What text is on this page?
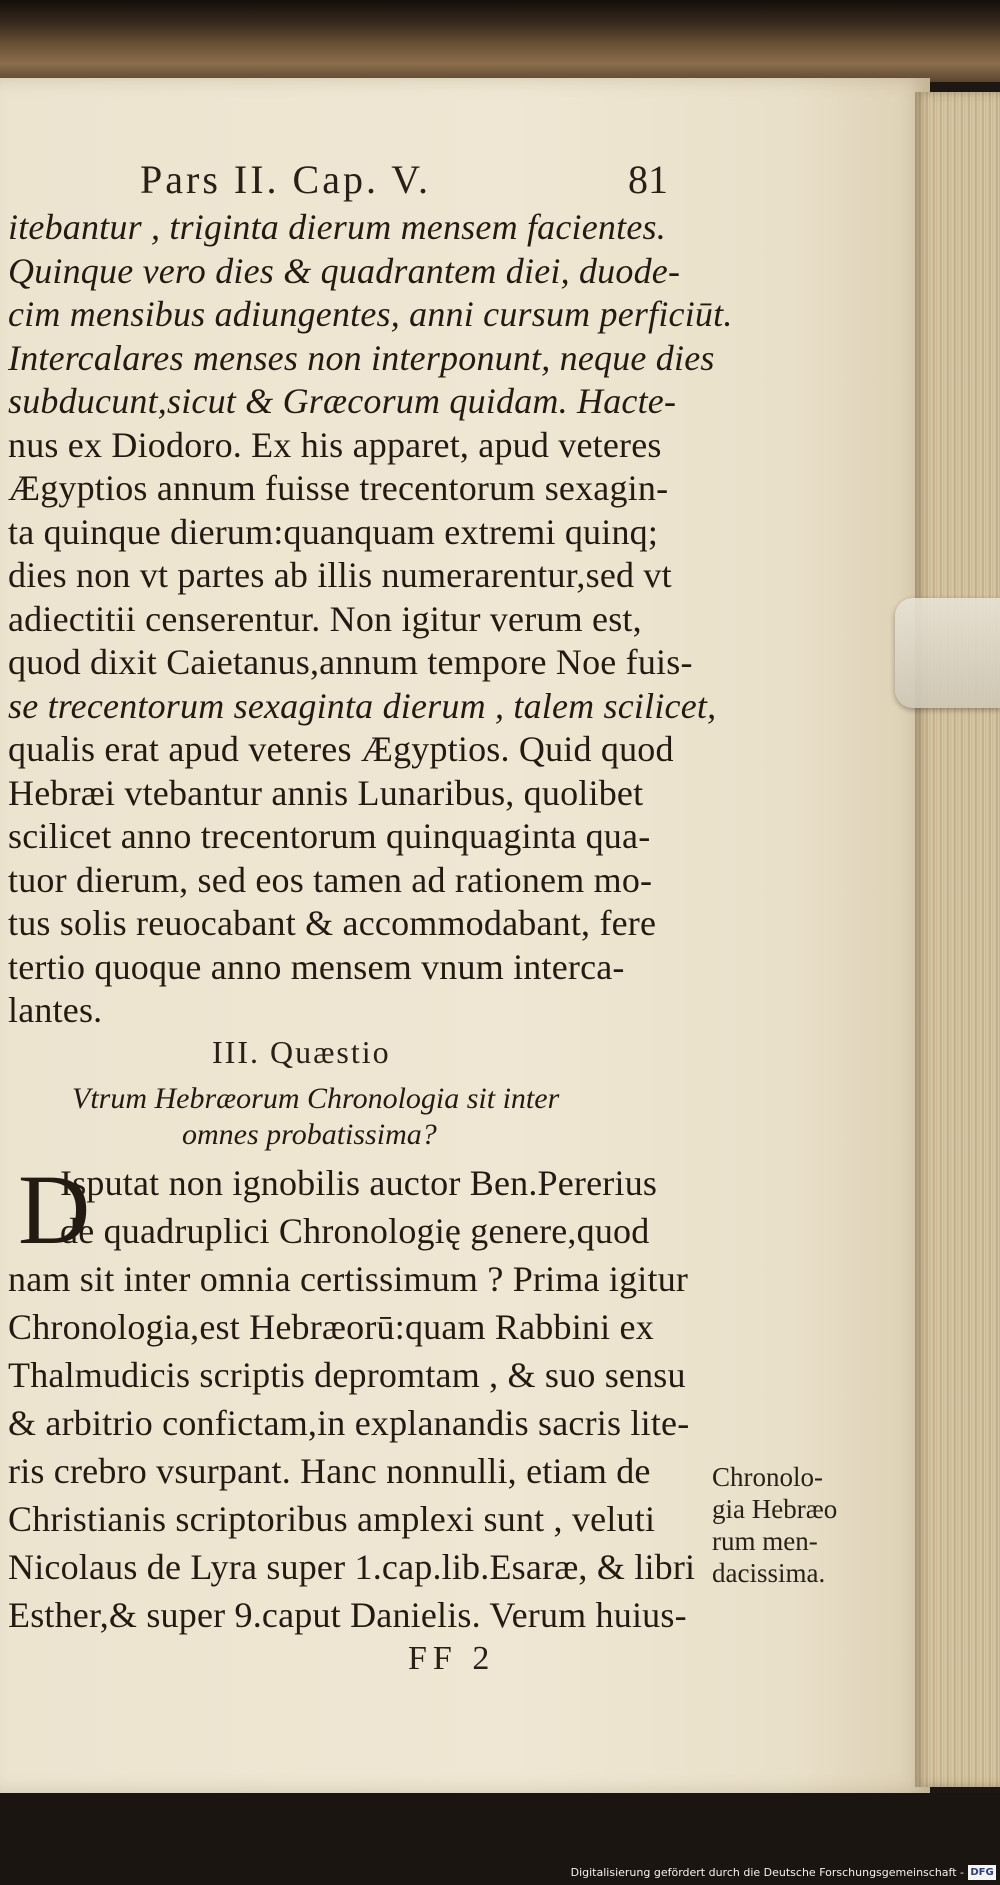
Pars II. Cap. V.	81
itebantur , triginta dierum mensem facientes.
Quinque vero dies & quadrantem diei, duode-
cim mensibus adiungentes, anni cursum perficiūt.
Intercalares menses non interponunt, neque dies
subducunt,sicut & Græcorum quidam. Hacte-
nus ex Diodoro. Ex his apparet, apud veteres
Ægyptios annum fuisse trecentorum sexagin-
ta quinque dierum:quanquam extremi quinq;
dies non vt partes ab illis numerarentur,sed vt
adiectitii censerentur. Non igitur verum est,
quod dixit Caietanus,annum tempore Noe fuis-
se trecentorum sexaginta dierum , talem scilicet,
qualis erat apud veteres Ægyptios. Quid quod
Hebræi vtebantur annis Lunaribus, quolibet
scilicet anno trecentorum quinquaginta qua-
tuor dierum, sed eos tamen ad rationem mo-
tus solis reuocabant & accommodabant, fere
III. Quæstio
Vtrum Hebræorum Chronologia sit inter
omnes probatissima?
D
Isputat non ignobilis auctor Ben.Pererius
de quadruplici Chronologię genere,quod
nam sit inter omnia certissimum ? Prima igitur
Chronologia,est Hebræorū:quam Rabbini ex
Thalmudicis scriptis depromtam , & suo sensu
& arbitrio confictam,in explanandis sacris lite-
ris crebro vsurpant. Hanc nonnulli, etiam de
Christianis scriptoribus amplexi sunt , veluti
Nicolaus de Lyra super 1.cap.lib.Esaræ, & libri
Esther,& super 9.caput Danielis. Verum huius-
Chronolo-
gia Hebræo
rum men-
dacissima.
FF 2
Digitalisierung gefördert durch die Deutsche Forschungsgemeinschaft - DFG
tertio quoque anno mensem vnum interca-
lantes.
